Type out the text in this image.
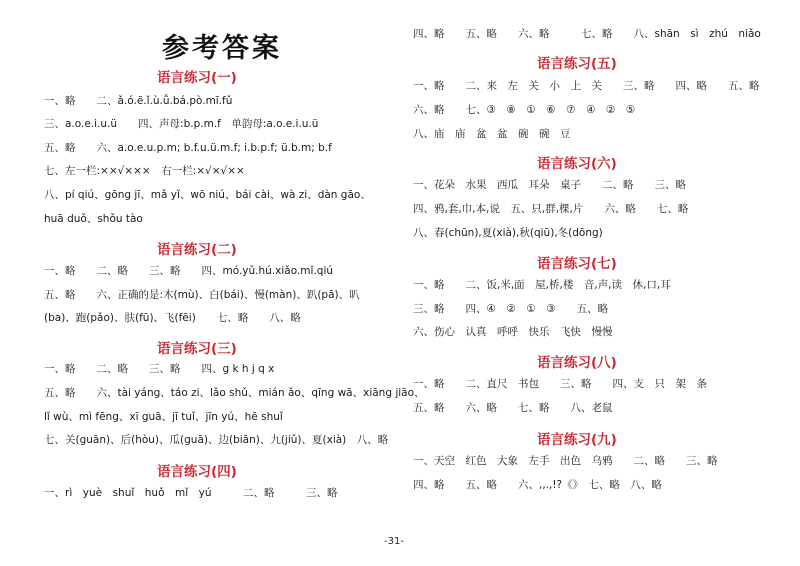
参考答案
语言练习(一)
一、略　　二、ǎ.ó.ē.ǐ.ù.ǚ.bá.pò.mī.fǔ
三、a.o.e.i.u.ü　　四、声母:b.p.m.f　单韵母:a.o.e.i.u.ü
五、略　　六、a.o.e.u.p.m; b.f.u.ü.m.f; i.b.p.f; ü.b.m; b.f
七、左一栏:××√×××　右一栏:×√×√××
八、pí qiú、gōng jī、mǎ yǐ、wō niú、bái cài、wà zi、dàn gāo、
huā duǒ、shǒu tào
语言练习(二)
一、略　　二、略　　三、略　　四、mó.yǔ.hú.xiǎo.mǐ.qiú
五、略　　六、正确的是:木(mù)、白(bái)、慢(màn)、趴(pā)、叭
(ba)、跑(pǎo)、肤(fū)、飞(fēi)　　七、略　　八、略
语言练习(三)
一、略　　二、略　　三、略　　四、g k h j q x
五、略　　六、tài yáng、táo zi、lǎo shǔ、mián ǎo、qīng wā、xiāng jiāo、
lǐ wù、mì fēng、xī guā、jī tuǐ、jīn yú、hē shuǐ
七、关(guān)、后(hòu)、瓜(guā)、边(biān)、九(jiǔ)、夏(xià)　八、略
语言练习(四)
一、rì　yuè　shuǐ　huǒ　mǐ　yú　　　二、略　　　三、略
四、略　　五、略　　六、略　　　七、略　　八、shān　sì　zhú　niǎo
语言练习(五)
一、略　　二、来　左　关　小　上　关　　三、略　　四、略　　五、略
六、略　　七、③　⑧　①　⑥　⑦　④　②　⑤
八、庙　庙　盆　盆　碗　碗　豆
语言练习(六)
一、花朵　水果　西瓜　耳朵　桌子　　二、略　　三、略
四、鸦,套,巾,本,说　五、只,群,棵,片　　六、略　　七、略
八、春(chūn),夏(xià),秋(qiū),冬(dōng)
语言练习(七)
一、略　　二、饭,米,面　屋,桥,楼　音,声,读　休,口,耳
三、略　　四、④　②　①　③　　五、略
六、伤心　认真　呼呼　快乐　飞快　慢慢
语言练习(八)
一、略　　二、直尺　书包　　三、略　　四、支　只　架　条
五、略　　六、略　　七、略　　八、老鼠
语言练习(九)
一、天空　红色　大象　左手　出色　乌鸦　　二、略　　三、略
四、略　　五、略　　六、,,.,!?《》　七、略　八、略
-31-
